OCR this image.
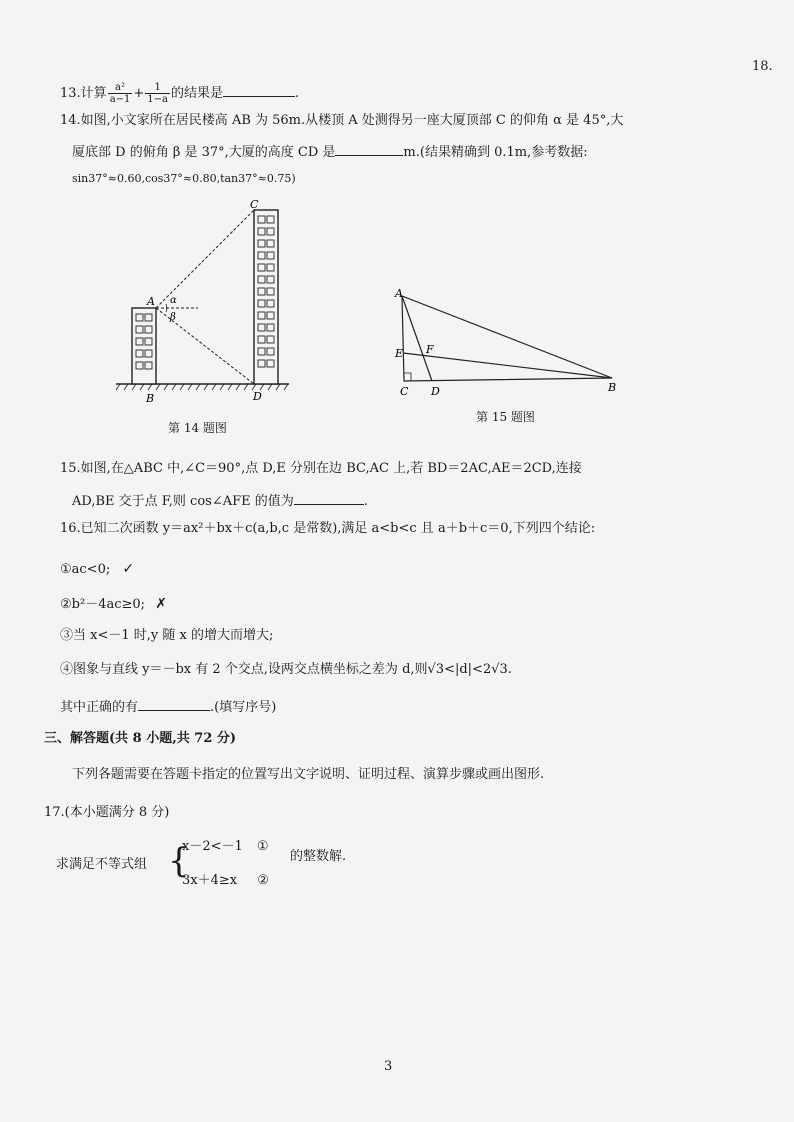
18.
13.计算 $\frac{\text{a²}}{a-1} + \frac{1}{1-a}$ 的结果是	.
14.如图,小文家所在居民楼高 AB 为 56m.从楼顶 A 处测得另一座大厦顶部 C 的仰角 α 是 45°,大
厦底部 D 的俯角 β 是 37°,大厦的高度 CD 是	m.(结果精确到 0.1m,参考数据:
sin37°≈0.60,cos37°≈0.80,tan37°≈0.75)
A α
β
C
B	D
A
E F
C D	B
第 14 题图
第 15 题图
15.如图,在△ABC 中,∠C＝90°,点 D,E 分别在边 BC,AC 上,若 BD＝2AC,AE＝2CD,连接
AD,BE 交于点 F,则 cos∠AFE 的值为	.
16.已知二次函数 y＝ax²＋bx＋c(a,b,c 是常数),满足 a<b<c 且 a＋b＋c＝0,下列四个结论:
①ac<0; ✓
②b²－4ac≥0; ✗
③当 x<－1 时,y 随 x 的增大而增大;
④图象与直线 y＝－bx 有 2 个交点,设两交点横坐标之差为 d,则√3<|d|<2√3.
其中正确的有	.(填写序号)
三、解答题(共 8 小题,共 72 分)
下列各题需要在答题卡指定的位置写出文字说明、证明过程、演算步骤或画出图形.
17.(本小题满分 8 分)
求满足不等式组 {
x－2<－1 ①
3x＋4≥x ②
的整数解.
3
